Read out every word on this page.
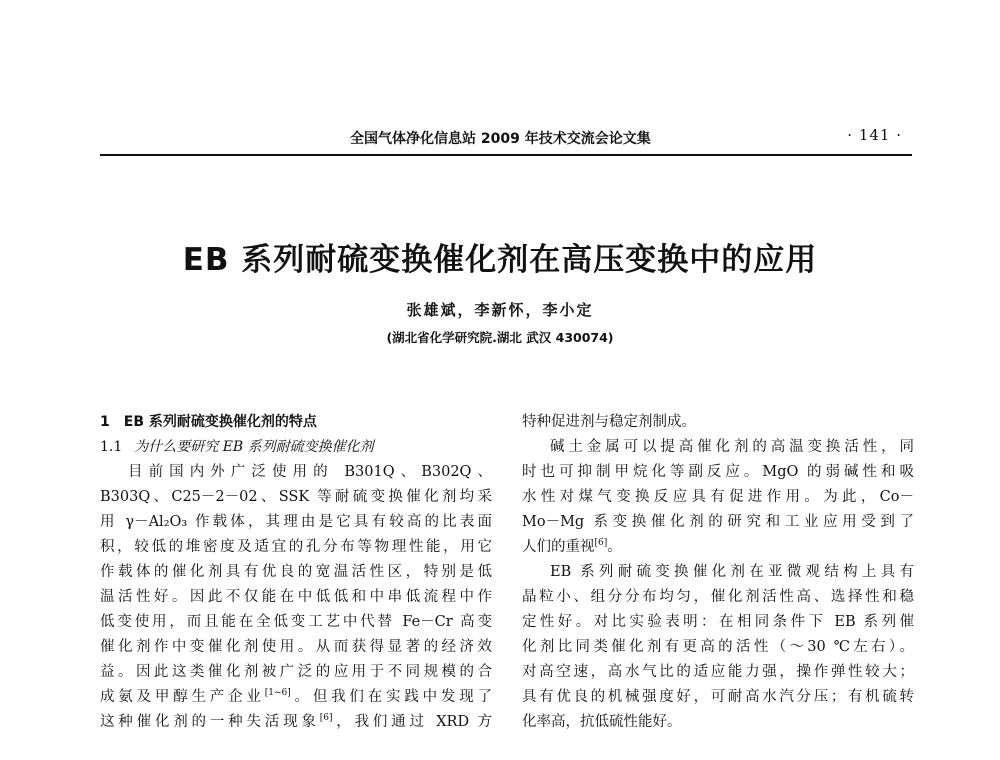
全国气体净化信息站 2009 年技术交流会论文集	· 141 ·
EB 系列耐硫变换催化剂在高压变换中的应用
张雄斌，李新怀，李小定
(湖北省化学研究院.湖北 武汉 430074)
1 EB 系列耐硫变换催化剂的特点
1.1 为什么要研究 EB 系列耐硫变换催化剂
目前国内外广泛使用的 B301Q、B302Q、
B303Q、C25－2－02、SSK 等耐硫变换催化剂均采
用 γ－Al₂O₃ 作载体，其理由是它具有较高的比表面
积，较低的堆密度及适宜的孔分布等物理性能，用它
作载体的催化剂具有优良的宽温活性区，特别是低
温活性好。因此不仅能在中低低和中串低流程中作
低变使用，而且能在全低变工艺中代替 Fe－Cr 高变
催化剂作中变催化剂使用。从而获得显著的经济效
益。因此这类催化剂被广泛的应用于不同规模的合
成氨及甲醇生产企业[1~6]。但我们在实践中发现了
这种催化剂的一种失活现象[6]，我们通过 XRD 方
特种促进剂与稳定剂制成。
碱土金属可以提高催化剂的高温变换活性，同
时也可抑制甲烷化等副反应。MgO 的弱碱性和吸
水性对煤气变换反应具有促进作用。为此，Co－
Mo－Mg 系变换催化剂的研究和工业应用受到了
人们的重视[6]。
EB 系列耐硫变换催化剂在亚微观结构上具有
晶粒小、组分分布均匀，催化剂活性高、选择性和稳
定性好。对比实验表明：在相同条件下 EB 系列催
化剂比同类催化剂有更高的活性（～30 ℃左右）。
对高空速，高水气比的适应能力强，操作弹性较大；
具有优良的机械强度好，可耐高水汽分压；有机硫转
化率高，抗低硫性能好。
